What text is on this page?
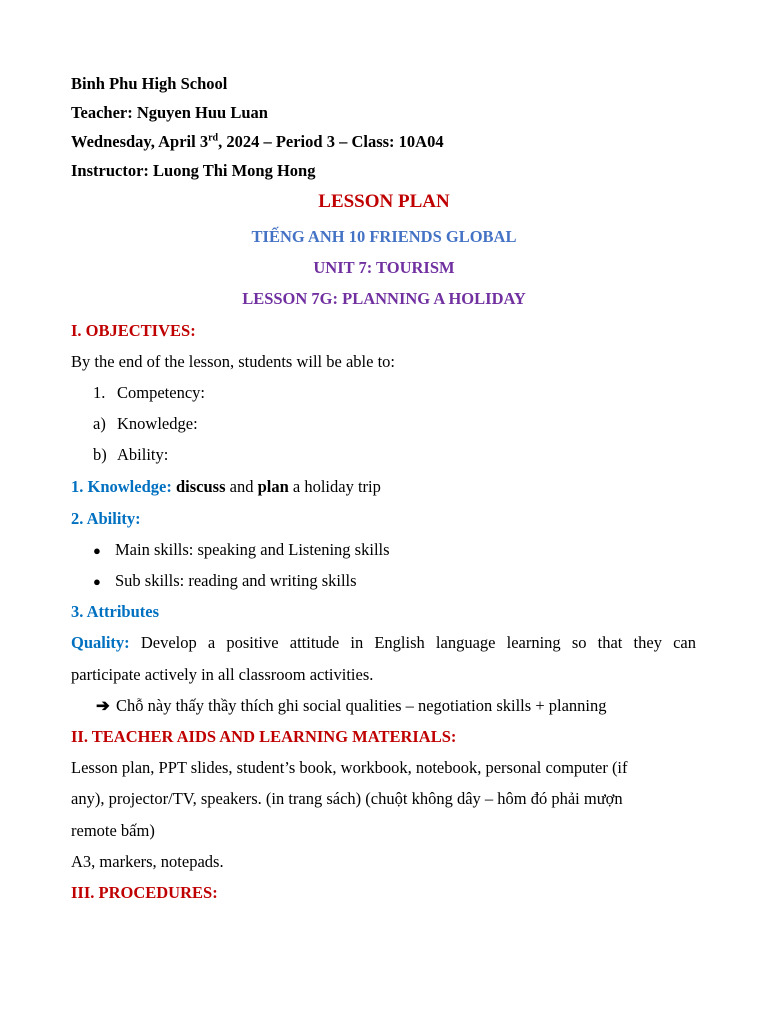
Binh Phu High School
Teacher: Nguyen Huu Luan
Wednesday, April 3rd, 2024 – Period 3 – Class: 10A04
Instructor: Luong Thi Mong Hong
LESSON PLAN
TIẾNG ANH 10 FRIENDS GLOBAL
UNIT 7: TOURISM
LESSON 7G: PLANNING A HOLIDAY
I. OBJECTIVES:
By the end of the lesson, students will be able to:
1. Competency:
a) Knowledge:
b) Ability:
1. Knowledge: discuss and plan a holiday trip
2. Ability:
● Main skills: speaking and Listening skills
● Sub skills: reading and writing skills
3. Attributes
Quality: Develop a positive attitude in English language learning so that they can
participate actively in all classroom activities.
➔ Chỗ này thấy thầy thích ghi social qualities – negotiation skills + planning
II. TEACHER AIDS AND LEARNING MATERIALS:
Lesson plan, PPT slides, student’s book, workbook, notebook, personal computer (if
any), projector/TV, speakers. (in trang sách) (chuột không dây – hôm đó phải mượn
remote bấm)
A3, markers, notepads.
III. PROCEDURES:
